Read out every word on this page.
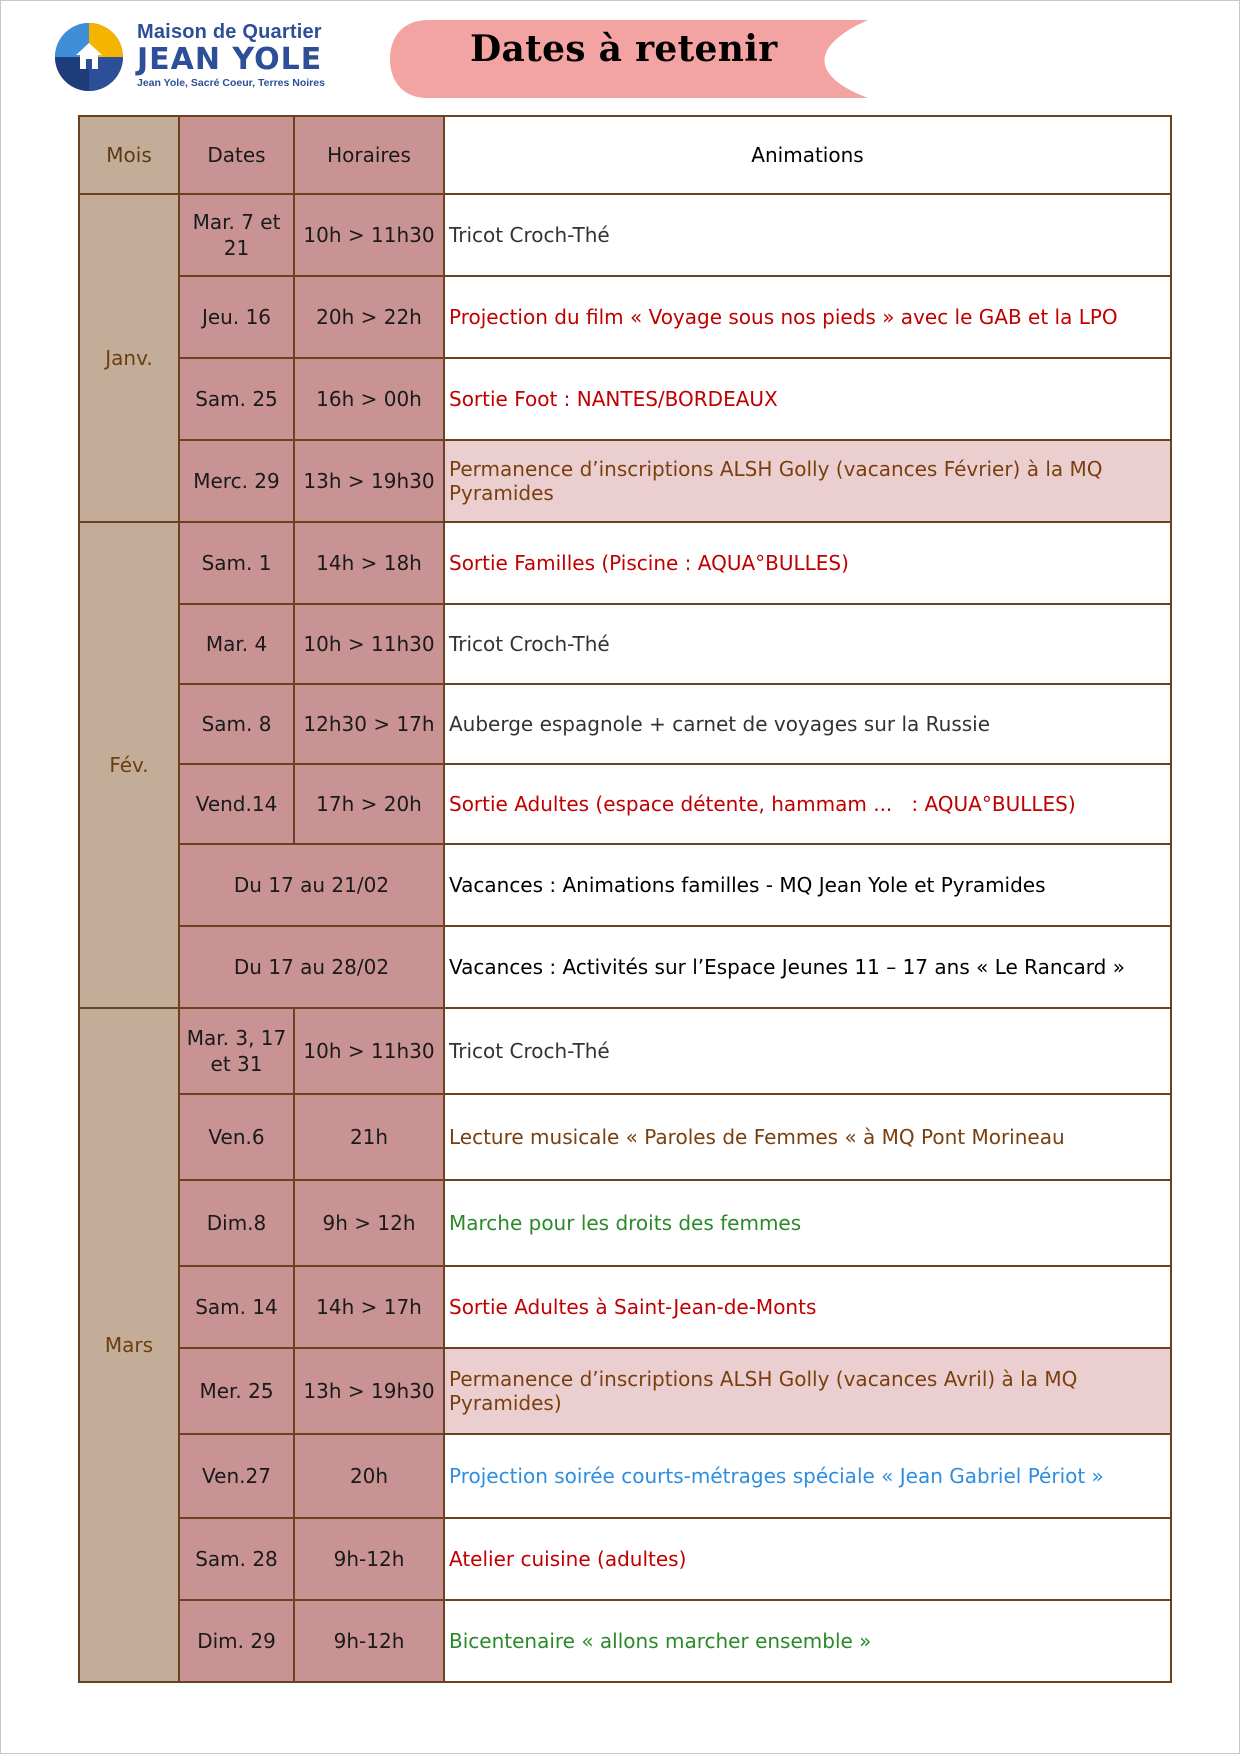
Maison de Quartier
JEAN YOLE
Jean Yole, Sacré Coeur, Terres Noires
Dates à retenir
Mois	Dates	Horaires	Animations
Janv.	Mar. 7 et 21	10h > 11h30	Tricot Croch-Thé
	Jeu. 16	20h > 22h	Projection du film « Voyage sous nos pieds » avec le GAB et la LPO
	Sam. 25	16h > 00h	Sortie Foot : NANTES/BORDEAUX
	Merc. 29	13h > 19h30	Permanence d’inscriptions ALSH Golly (vacances Février) à la MQ Pyramides
Fév.	Sam. 1	14h > 18h	Sortie Familles (Piscine : AQUA°BULLES)
	Mar. 4	10h > 11h30	Tricot Croch-Thé
	Sam. 8	12h30 > 17h	Auberge espagnole + carnet de voyages sur la Russie
	Vend.14	17h > 20h	Sortie Adultes (espace détente, hammam ...   : AQUA°BULLES)
	Du 17 au 21/02		Vacances : Animations familles - MQ Jean Yole et Pyramides
	Du 17 au 28/02		Vacances : Activités sur l’Espace Jeunes 11 – 17 ans « Le Rancard »
Mars	Mar. 3, 17 et 31	10h > 11h30	Tricot Croch-Thé
	Ven.6	21h	Lecture musicale « Paroles de Femmes « à MQ Pont Morineau
	Dim.8	9h > 12h	Marche pour les droits des femmes
	Sam. 14	14h > 17h	Sortie Adultes à Saint-Jean-de-Monts
	Mer. 25	13h > 19h30	Permanence d’inscriptions ALSH Golly (vacances Avril) à la MQ Pyramides)
	Ven.27	20h	Projection soirée courts-métrages spéciale « Jean Gabriel Périot »
	Sam. 28	9h-12h	Atelier cuisine (adultes)
	Dim. 29	9h-12h	Bicentenaire « allons marcher ensemble »
